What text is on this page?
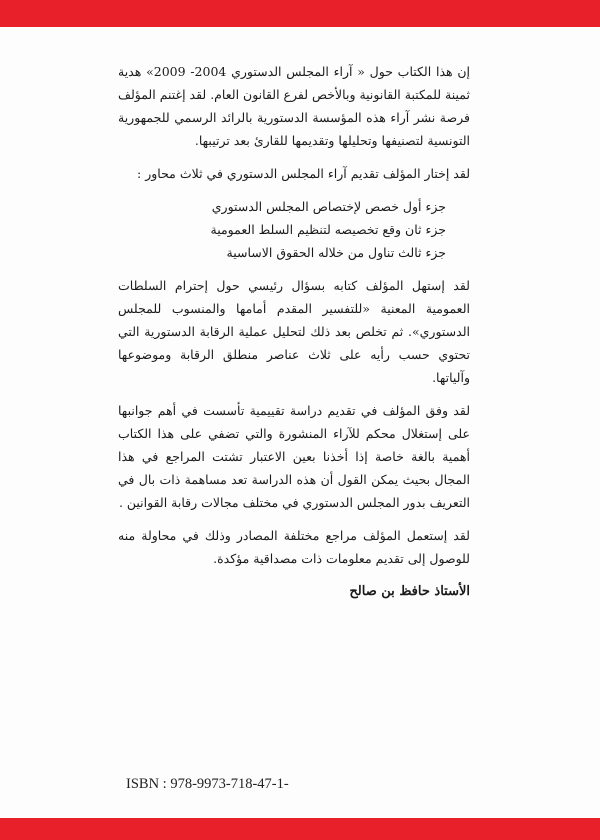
إن هذا الكتاب حول « آراء المجلس الدستوري 2004- 2009» هدية ثمينة للمكتبة القانونية وبالأخص لفرع القانون العام. لقد إغتنم المؤلف فرصة نشر آراء هذه المؤسسة الدستورية بالرائد الرسمي للجمهورية التونسية لتصنيفها وتحليلها وتقديمها للقارئ بعد ترتيبها.

لقد إختار المؤلف تقديم آراء المجلس الدستوري في ثلاث محاور :

جزء أول خصص لإختصاص المجلس الدستوري
جزء ثان وقع تخصيصه لتنظيم السلط العمومية
جزء ثالث تناول من خلاله الحقوق الاساسية

لقد إستهل المؤلف كتابه بسؤال رئيسي حول إحترام السلطات العمومية المعنية «للتفسير المقدم أمامها والمنسوب للمجلس الدستوري». ثم تخلص بعد ذلك لتحليل عملية الرقابة الدستورية التي تحتوي حسب رأيه على ثلاث عناصر منطلق الرقابة وموضوعها وآلياتها.

لقد وفق المؤلف في تقديم دراسة تقييمية تأسست في أهم جوانبها على إستغلال محكم للآراء المنشورة والتي تضفي على هذا الكتاب أهمية بالغة خاصة إذا أخذنا بعين الاعتبار تشتت المراجع في هذا المجال بحيث يمكن القول أن هذه الدراسة تعد مساهمة ذات بال في التعريف بدور المجلس الدستوري في مختلف مجالات رقابة القوانين .

لقد إستعمل المؤلف مراجع مختلفة المصادر وذلك في محاولة منه للوصول إلى تقديم معلومات ذات مصداقية مؤكدة.

الأستاذ حافظ بن صالح
ISBN : 978-9973-718-47-1-
